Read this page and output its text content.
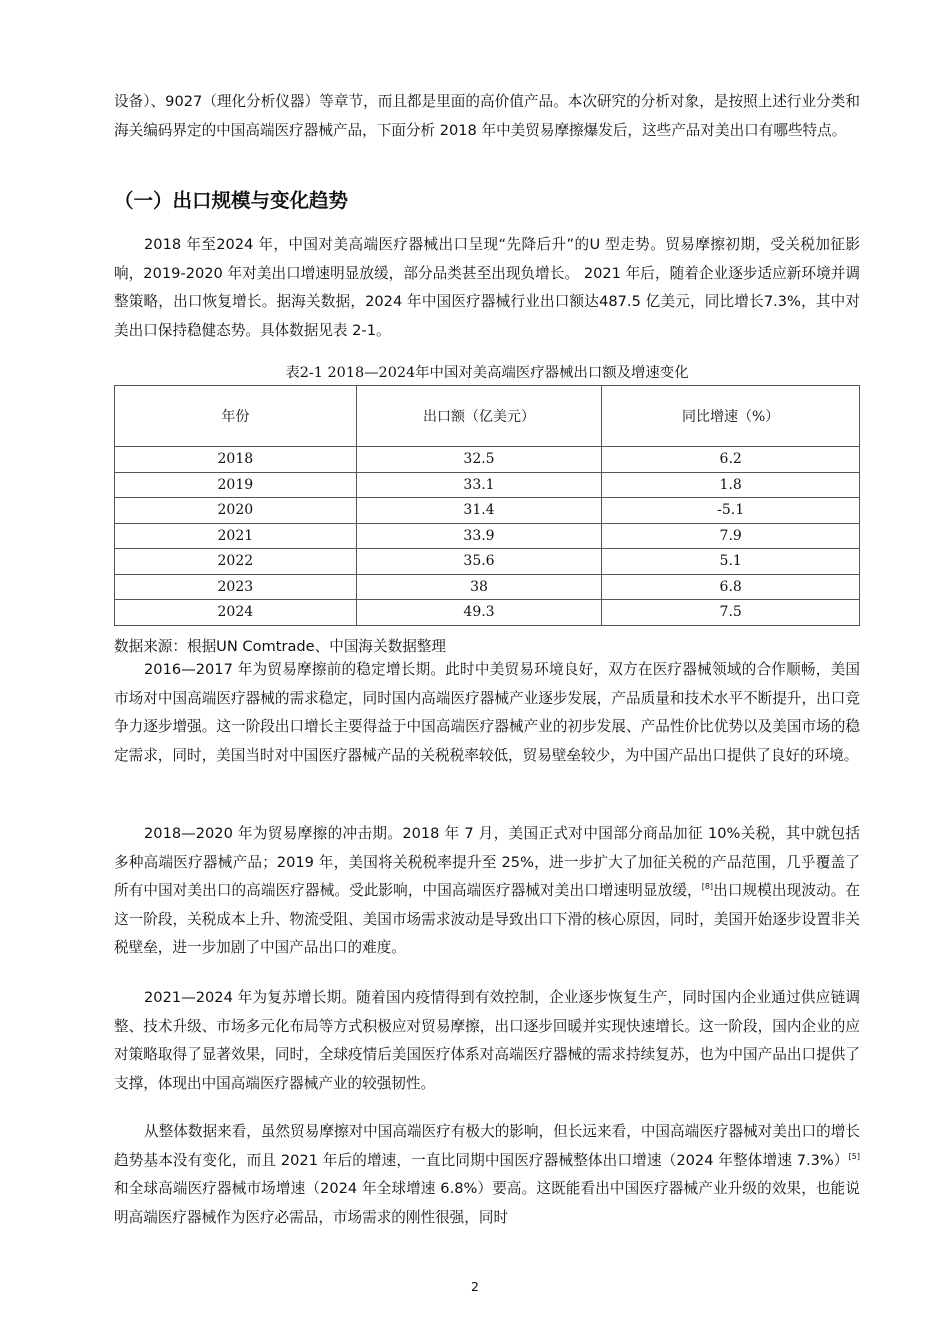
设备）、9027（理化分析仪器）等章节，而且都是里面的高价值产品。本次研究的分析对象，是按照上述行业分类和海关编码界定的中国高端医疗器械产品，下面分析 2018 年中美贸易摩擦爆发后，这些产品对美出口有哪些特点。

（一）出口规模与变化趋势

2018 年至2024 年，中国对美高端医疗器械出口呈现“先降后升”的U 型走势。贸易摩擦初期，受关税加征影响，2019-2020 年对美出口增速明显放缓，部分品类甚至出现负增长。 2021 年后，随着企业逐步适应新环境并调整策略，出口恢复增长。据海关数据，2024 年中国医疗器械行业出口额达487.5 亿美元，同比增长7.3%，其中对美出口保持稳健态势。具体数据见表 2-1。

表2-1 2018—2024年中国对美高端医疗器械出口额及增速变化

年份	出口额（亿美元）	同比增速（%）
2018	32.5	6.2
2019	33.1	1.8
2020	31.4	-5.1
2021	33.9	7.9
2022	35.6	5.1
2023	38	6.8
2024	49.3	7.5

数据来源：根据UN Comtrade、中国海关数据整理

2016—2017 年为贸易摩擦前的稳定增长期。此时中美贸易环境良好，双方在医疗器械领域的合作顺畅，美国市场对中国高端医疗器械的需求稳定，同时国内高端医疗器械产业逐步发展，产品质量和技术水平不断提升，出口竞争力逐步增强。这一阶段出口增长主要得益于中国高端医疗器械产业的初步发展、产品性价比优势以及美国市场的稳定需求，同时，美国当时对中国医疗器械产品的关税税率较低，贸易壁垒较少，为中国产品出口提供了良好的环境。

2018—2020 年为贸易摩擦的冲击期。2018 年 7 月，美国正式对中国部分商品加征 10%关税，其中就包括多种高端医疗器械产品；2019 年，美国将关税税率提升至 25%，进一步扩大了加征关税的产品范围，几乎覆盖了所有中国对美出口的高端医疗器械。受此影响，中国高端医疗器械对美出口增速明显放缓，[8]出口规模出现波动。在这一阶段，关税成本上升、物流受阻、美国市场需求波动是导致出口下滑的核心原因，同时，美国开始逐步设置非关税壁垒，进一步加剧了中国产品出口的难度。

2021—2024 年为复苏增长期。随着国内疫情得到有效控制，企业逐步恢复生产，同时国内企业通过供应链调整、技术升级、市场多元化布局等方式积极应对贸易摩擦，出口逐步回暖并实现快速增长。这一阶段，国内企业的应对策略取得了显著效果，同时，全球疫情后美国医疗体系对高端医疗器械的需求持续复苏，也为中国产品出口提供了支撑，体现出中国高端医疗器械产业的较强韧性。

从整体数据来看，虽然贸易摩擦对中国高端医疗有极大的影响，但长远来看，中国高端医疗器械对美出口的增长趋势基本没有变化，而且 2021 年后的增速，一直比同期中国医疗器械整体出口增速（2024 年整体增速 7.3%）[5]和全球高端医疗器械市场增速（2024 年全球增速 6.8%）要高。这既能看出中国医疗器械产业升级的效果，也能说明高端医疗器械作为医疗必需品，市场需求的刚性很强，同时

2
